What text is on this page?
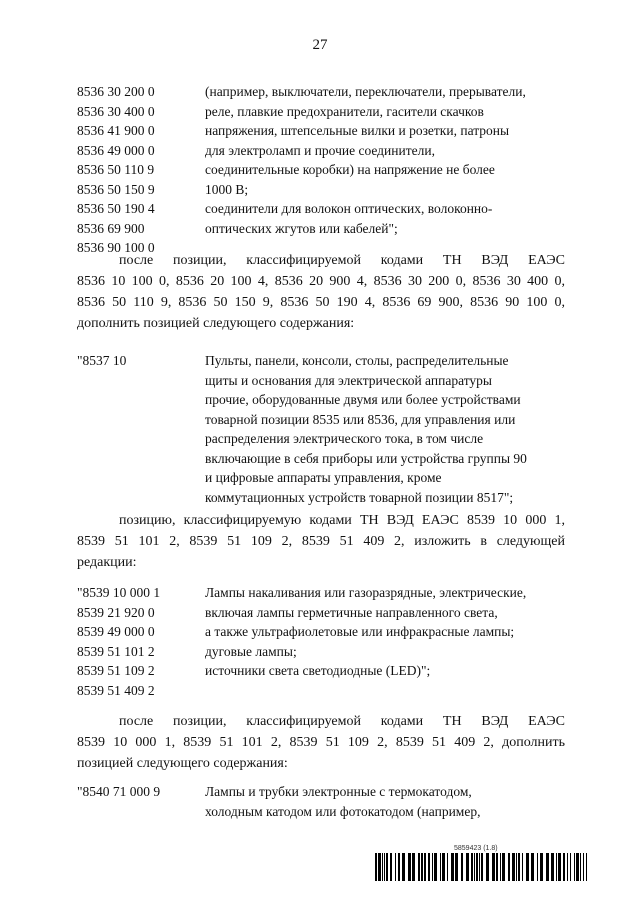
27
8536 30 200 0
8536 30 400 0
8536 41 900 0
8536 49 000 0
8536 50 110 9
8536 50 150 9
8536 50 190 4
8536 69 900
8536 90 100 0
(например, выключатели, переключатели, прерыватели,
реле, плавкие предохранители, гасители скачков
напряжения, штепсельные вилки и розетки, патроны
для электроламп и прочие соединители,
соединительные коробки) на напряжение не более
1000 В;
соединители для волокон оптических, волоконно-
оптических жгутов или кабелей";
после позиции, классифицируемой кодами ТН ВЭД ЕАЭС
8536 10 100 0, 8536 20 100 4, 8536 20 900 4, 8536 30 200 0, 8536 30 400 0,
8536 50 110 9, 8536 50 150 9, 8536 50 190 4, 8536 69 900, 8536 90 100 0,
дополнить позицией следующего содержания:
"8537 10	Пульты, панели, консоли, столы, распределительные
щиты и основания для электрической аппаратуры
прочие, оборудованные двумя или более устройствами
товарной позиции 8535 или 8536, для управления или
распределения электрического тока, в том числе
включающие в себя приборы или устройства группы 90
и цифровые аппараты управления, кроме
коммутационных устройств товарной позиции 8517";
позицию, классифицируемую кодами ТН ВЭД ЕАЭС 8539 10 000 1,
8539 51 101 2, 8539 51 109 2, 8539 51 409 2, изложить в следующей
редакции:
"8539 10 000 1
8539 21 920 0
8539 49 000 0
8539 51 101 2
8539 51 109 2
8539 51 409 2
Лампы накаливания или газоразрядные, электрические,
включая лампы герметичные направленного света,
а также ультрафиолетовые или инфракрасные лампы;
дуговые лампы;
источники света светодиодные (LED)";
после позиции, классифицируемой кодами ТН ВЭД ЕАЭС
8539 10 000 1, 8539 51 101 2, 8539 51 109 2, 8539 51 409 2, дополнить
позицией следующего содержания:
"8540 71 000 9	Лампы и трубки электронные с термокатодом,
холодным катодом или фотокатодом (например,
5859423 (1.8)
